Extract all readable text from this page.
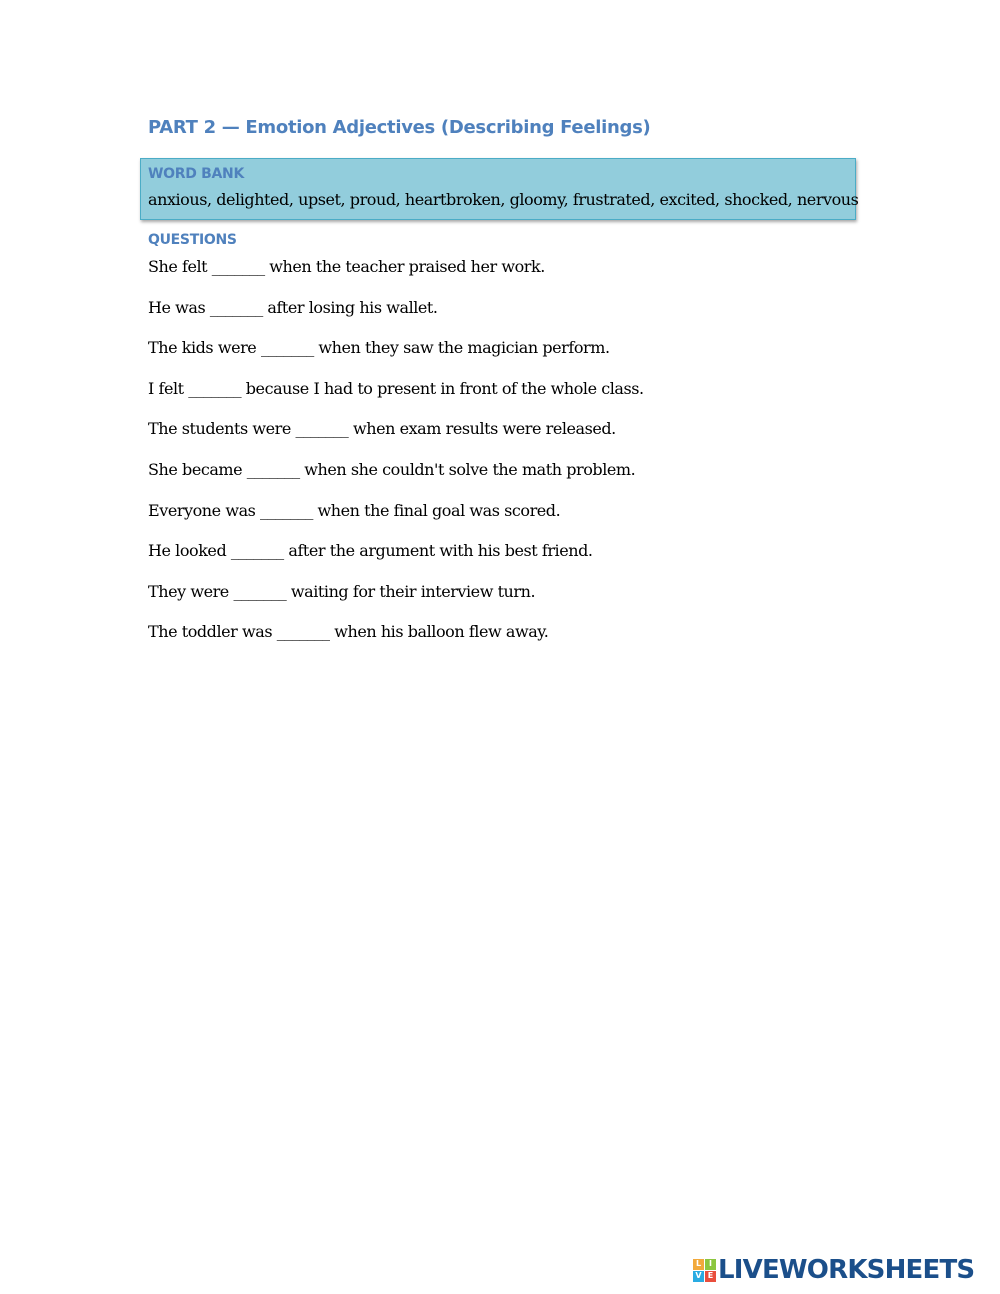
PART 2 — Emotion Adjectives (Describing Feelings)
WORD BANK
anxious, delighted, upset, proud, heartbroken, gloomy, frustrated, excited, shocked, nervous
QUESTIONS
She felt _______ when the teacher praised her work.
He was _______ after losing his wallet.
The kids were _______ when they saw the magician perform.
I felt _______ because I had to present in front of the whole class.
The students were _______ when exam results were released.
She became _______ when she couldn't solve the math problem.
Everyone was _______ when the final goal was scored.
He looked _______ after the argument with his best friend.
They were _______ waiting for their interview turn.
The toddler was _______ when his balloon flew away.
L I
V E LIVEWORKSHEETS
